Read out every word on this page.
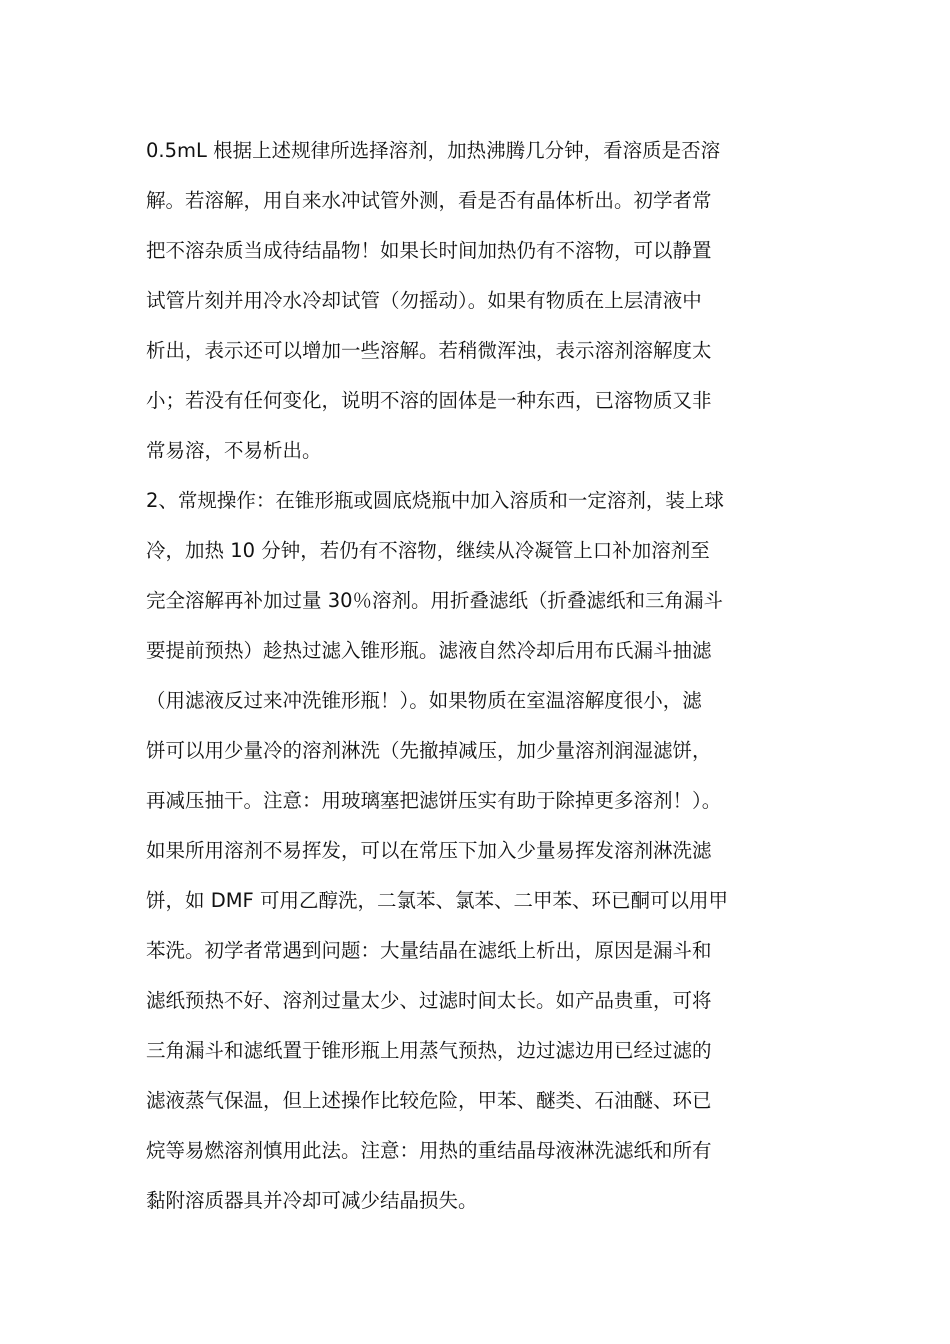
0.5mL 根据上述规律所选择溶剂，加热沸腾几分钟，看溶质是否溶
解。若溶解，用自来水冲试管外测，看是否有晶体析出。初学者常
把不溶杂质当成待结晶物！如果长时间加热仍有不溶物，可以静置
试管片刻并用冷水冷却试管（勿摇动）。如果有物质在上层清液中
析出，表示还可以增加一些溶解。若稍微浑浊，表示溶剂溶解度太
小；若没有任何变化，说明不溶的固体是一种东西，已溶物质又非
常易溶，不易析出。
2、常规操作：在锥形瓶或圆底烧瓶中加入溶质和一定溶剂，装上球
冷，加热 10 分钟，若仍有不溶物，继续从冷凝管上口补加溶剂至
完全溶解再补加过量 30％溶剂。用折叠滤纸（折叠滤纸和三角漏斗
要提前预热）趁热过滤入锥形瓶。滤液自然冷却后用布氏漏斗抽滤
（用滤液反过来冲洗锥形瓶！）。如果物质在室温溶解度很小，滤
饼可以用少量冷的溶剂淋洗（先撤掉减压，加少量溶剂润湿滤饼，
再减压抽干。注意：用玻璃塞把滤饼压实有助于除掉更多溶剂！）。
如果所用溶剂不易挥发，可以在常压下加入少量易挥发溶剂淋洗滤
饼，如 DMF 可用乙醇洗，二氯苯、氯苯、二甲苯、环已酮可以用甲
苯洗。初学者常遇到问题：大量结晶在滤纸上析出，原因是漏斗和
滤纸预热不好、溶剂过量太少、过滤时间太长。如产品贵重，可将
三角漏斗和滤纸置于锥形瓶上用蒸气预热，边过滤边用已经过滤的
滤液蒸气保温，但上述操作比较危险，甲苯、醚类、石油醚、环已
烷等易燃溶剂慎用此法。注意：用热的重结晶母液淋洗滤纸和所有
黏附溶质器具并冷却可减少结晶损失。
